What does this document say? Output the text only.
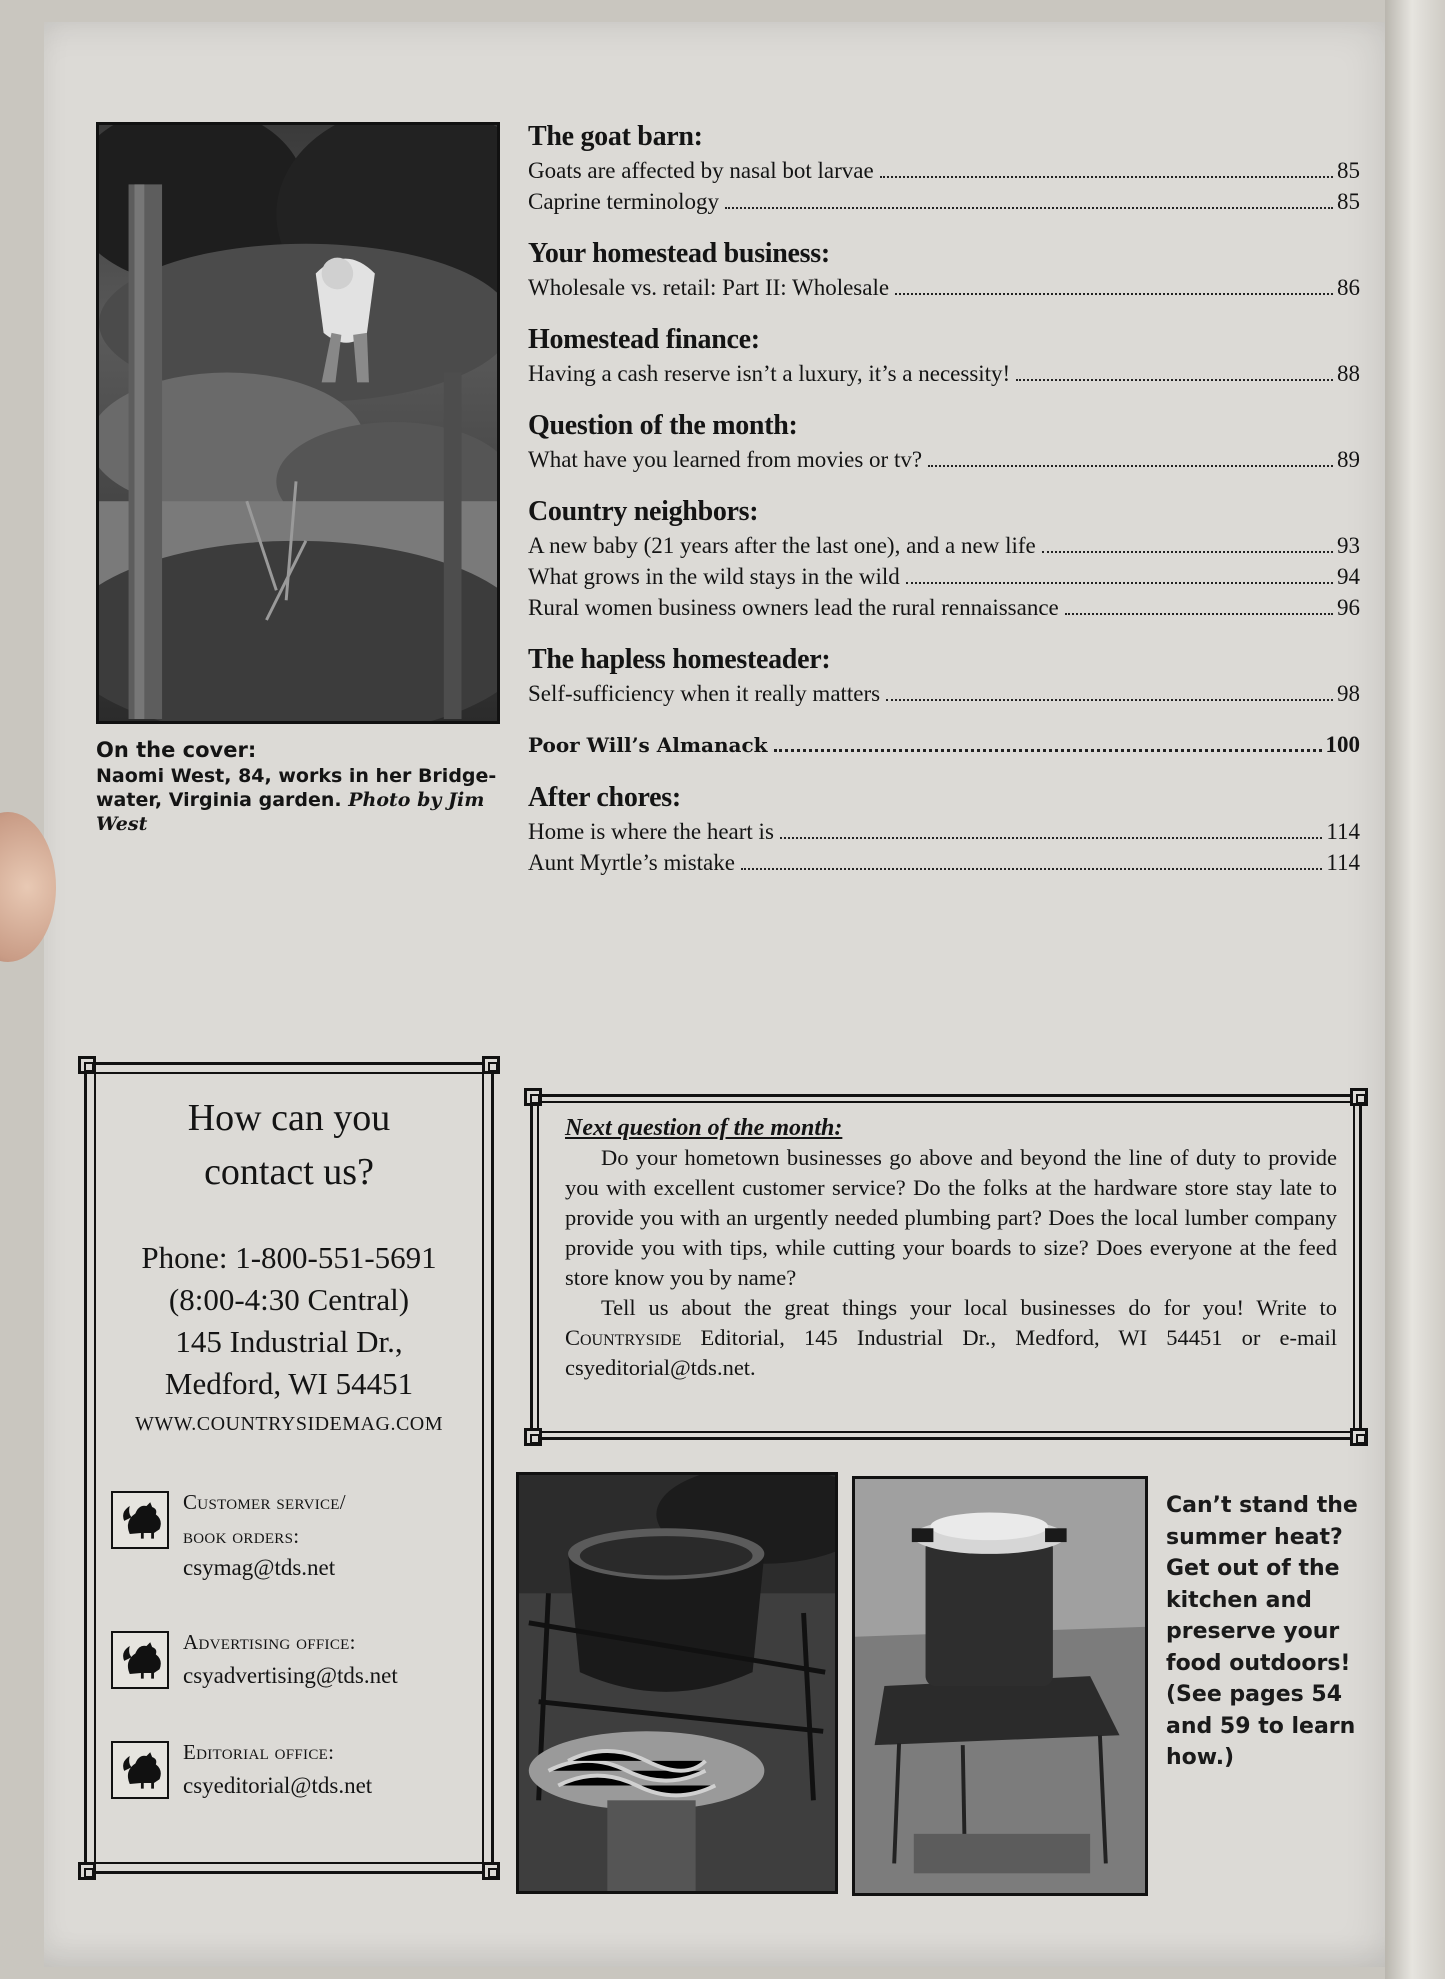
On the cover:
Naomi West, 84, works in her Bridge-water, Virginia garden. Photo by Jim West
The goat barn:
Goats are affected by nasal bot larvae	85
Caprine terminology	85
Your homestead business:
Wholesale vs. retail: Part II: Wholesale	86
Homestead finance:
Having a cash reserve isn’t a luxury, it’s a necessity!	88
Question of the month:
What have you learned from movies or tv?	89
Country neighbors:
A new baby (21 years after the last one), and a new life	93
What grows in the wild stays in the wild	94
Rural women business owners lead the rural rennaissance	96
The hapless homesteader:
Self-sufficiency when it really matters	98
Poor Will’s Almanack	100
After chores:
Home is where the heart is	114
Aunt Myrtle’s mistake	114
How can you
contact us?
Phone: 1-800-551-5691
(8:00-4:30 Central)
145 Industrial Dr.,
Medford, WI 54451
WWW.COUNTRYSIDEMAG.COM
Customer service/
book orders:
csymag@tds.net
Advertising office:
csyadvertising@tds.net
Editorial office:
csyeditorial@tds.net
Next question of the month:

Do your hometown businesses go above and beyond the line of duty to provide you with excellent customer service? Do the folks at the hardware store stay late to provide you with an urgently needed plumbing part? Does the local lumber company provide you with tips, while cutting your boards to size? Does everyone at the feed store know you by name?

Tell us about the great things your local businesses do for you! Write to Countryside Editorial, 145 Industrial Dr., Medford, WI 54451 or e-mail csyeditorial@tds.net.

Can’t stand the summer heat? Get out of the kitchen and preserve your food outdoors! (See pages 54 and 59 to learn how.)
